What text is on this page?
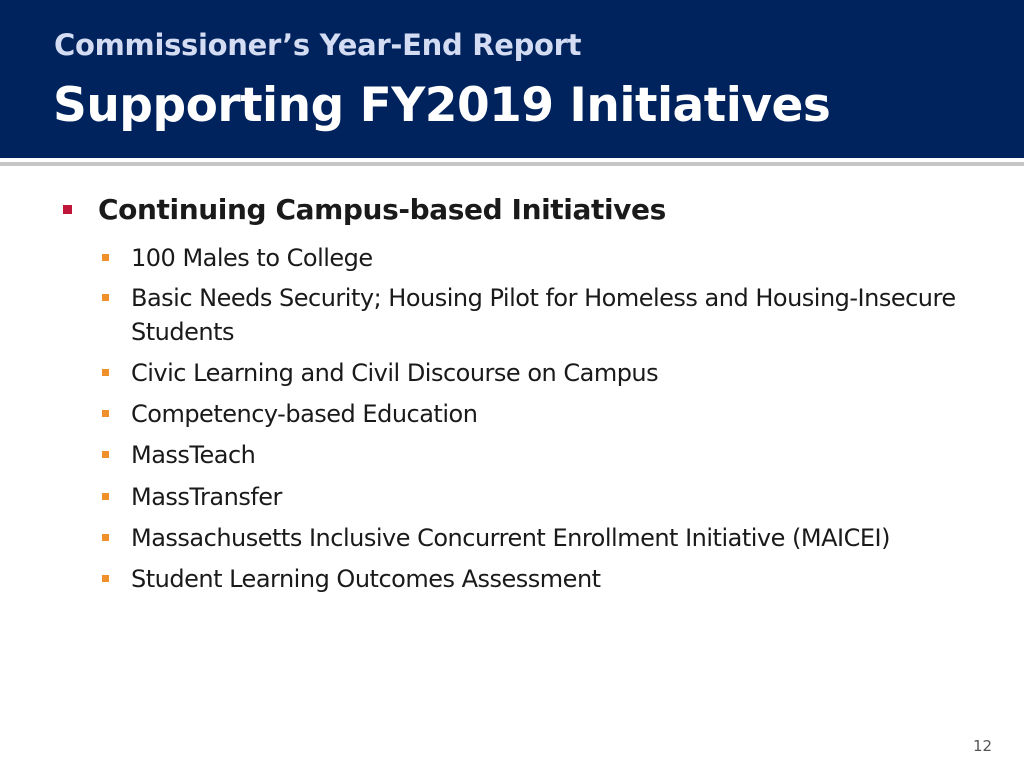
Commissioner’s Year-End Report
Supporting FY2019 Initiatives
Continuing Campus-based Initiatives
100 Males to College
Basic Needs Security; Housing Pilot for Homeless and Housing-Insecure Students
Civic Learning and Civil Discourse on Campus
Competency-based Education
MassTeach
MassTransfer
Massachusetts Inclusive Concurrent Enrollment Initiative (MAICEI)
Student Learning Outcomes Assessment
12
